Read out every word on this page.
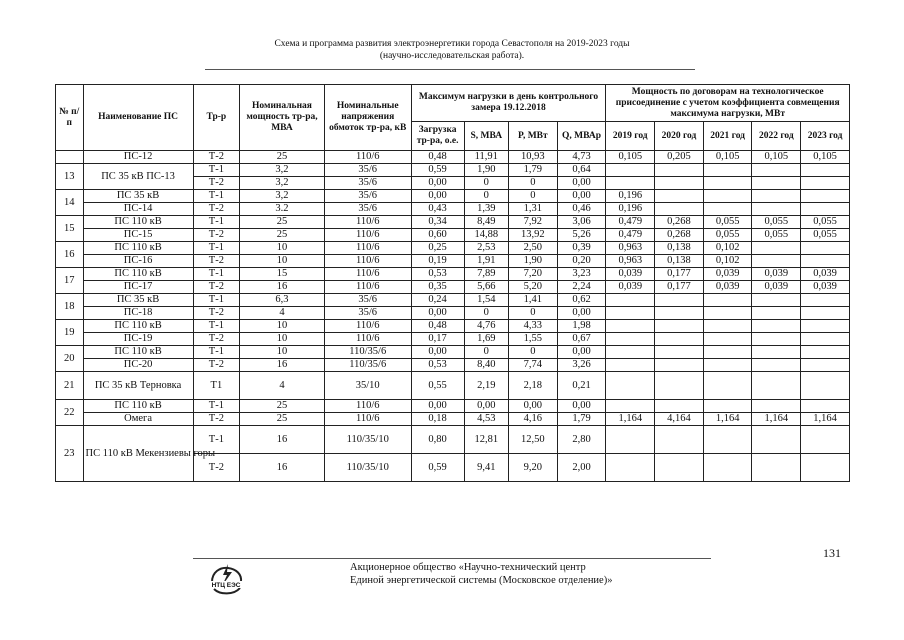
Схема и программа развития электроэнергетики города Севастополя на 2019-2023 годы
(научно-исследовательская работа).
№ п/п	Наименование ПС	Тр-р	Номинальная мощность тр-ра, МВА	Номинальные напряжения обмоток тр-ра, кВ	Максимум нагрузки в день контрольного замера 19.12.2018				Мощность по договорам на технологическое присоединение с учетом коэффициента совмещения максимума нагрузки, МВт				
					Загрузка тр-ра, о.е.	S, МВА	P, МВт	Q, МВАр	2019 год	2020 год	2021 год	2022 год	2023 год
	ПС-12	Т-2	25	110/6	0,48	11,91	10,93	4,73	0,105	0,205	0,105	0,105	0,105
13	ПС 35 кВ ПС-13	Т-1	3,2	35/6	0,59	1,90	1,79	0,64					
		Т-2	3,2	35/6	0,00	0	0	0,00					
14	ПС 35 кВ	Т-1	3,2	35/6	0,00	0	0	0,00	0,196				
	ПС-14	Т-2	3.2	35/6	0,43	1,39	1,31	0,46	0,196				
15	ПС 110 кВ	Т-1	25	110/6	0,34	8,49	7,92	3,06	0,479	0,268	0,055	0,055	0,055
	ПС-15	Т-2	25	110/6	0,60	14,88	13,92	5,26	0,479	0,268	0,055	0,055	0,055
16	ПС 110 кВ	Т-1	10	110/6	0,25	2,53	2,50	0,39	0,963	0,138	0,102		
	ПС-16	Т-2	10	110/6	0,19	1,91	1,90	0,20	0,963	0,138	0,102		
17	ПС 110 кВ	Т-1	15	110/6	0,53	7,89	7,20	3,23	0,039	0,177	0,039	0,039	0,039
	ПС-17	Т-2	16	110/6	0,35	5,66	5,20	2,24	0,039	0,177	0,039	0,039	0,039
18	ПС 35 кВ	Т-1	6,3	35/6	0,24	1,54	1,41	0,62					
	ПС-18	Т-2	4	35/6	0,00	0	0	0,00					
19	ПС 110 кВ	Т-1	10	110/6	0,48	4,76	4,33	1,98					
	ПС-19	Т-2	10	110/6	0,17	1,69	1,55	0,67					
20	ПС 110 кВ	Т-1	10	110/35/6	0,00	0	0	0,00					
	ПС-20	Т-2	16	110/35/6	0,53	8,40	7,74	3,26					
21	ПС 35 кВ Терновка	Т1	4	35/10	0,55	2,19	2,18	0,21					
22	ПС 110 кВ	Т-1	25	110/6	0,00	0,00	0,00	0,00					
	Омега	Т-2	25	110/6	0,18	4,53	4,16	1,79	1,164	4,164	1,164	1,164	1,164
23	ПС 110 кВ Мекензиевы горы	Т-1	16	110/35/10	0,80	12,81	12,50	2,80					
		Т-2	16	110/35/10	0,59	9,41	9,20	2,00					
131
НТЦ ЕЭС
Акционерное общество «Научно-технический центр
Единой энергетической системы (Московское отделение)»
